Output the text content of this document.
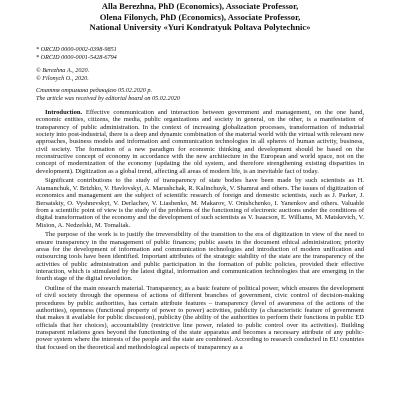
Alla Berezhna, PhD (Economics), Associate Professor,
Olena Filonych, PhD (Economics), Associate Professor,
National University «Yuri Kondratyuk Poltava Polytechnic»
* ORCID 0000-0002-0398-9851
* ORCID 0000-0001-5428-6794
© Berezhna A., 2020.
© Filonych O., 2020.
Стаття отримана редакцією 05.02.2020 р.
The article was received by editorial board on 05.02.2020

Introduction. Effective communication and interaction between government and management, on the one hand, economic entities, citizens, the media, public organizations and society in general, on the other, is a manifestation of transparency of public administration. In the context of increasing globalization processes, transformation of industrial society into post-industrial, there is a deep and dynamic combination of the material world with the virtual with relevant new approaches, business models and information and communication technologies in all spheres of human activity, business, civil society. The formation of a new paradigm for economic thinking and development should be based on the reconstructive concept of economy in accordance with the new architecture in the European and world space, not on the concept of modernization of the economy (updating the old system, and therefore strengthening existing disparities in development). Digitization as a global trend, affecting all areas of modern life, is an inevitable fact of today.

Significant contributions to the study of transparency of state bodies have been made by such scientists as H. Atamanchuk, V. Brizhko, V. Havlovskyi, A. Marushchak, R. Kalinchuyk, V. Shamrai and others. The issues of digitization of economics and management are the subject of scientific research of foreign and domestic scientists, such as J. Parker, J. Bersatskiy, O. Vyshnevskyi, V. Derlachev, V. Liashenko, M. Makarov, V. Onishchenko, I. Yanenkov and others. Valuable from a scientific point of view is the study of the problems of the functioning of electronic auctions under the conditions of digital transformation of the economy and the development of such scientists as V. Isaacson, E. Williams, M. Matskevich, V. Mision, A. Nedzelski, M. Tomaliak.

The purpose of the work is to justify the irreversibility of the transition to the era of digitization in view of the need to ensure transparency in the management of public finances; public assets in the document ethical administration; priority areas for the development of information and communication technologies and introduction of modern unification and outsourcing tools have been identified. Important attributes of the strategic stability of the state are the transparency of the activities of public administration and public participation in the formation of public policies, provided their effective interaction, which is stimulated by the latest digital, information and communication technologies that are emerging in the fourth stage of the digital revolution.

Outline of the main research material. Transparency, as a basic feature of political power, which ensures the development of civil society through the openness of actions of different branches of government, civic control of decision-making procedures by public authorities, has certain attribute features – transparency (level of awareness of the actions of the authorities), openness (functional property of power to power) activities, publicity (a characteristic feature of government that makes it available for public discussion), publicity (the ability of the authorities to perform their functions in public ED officials that her choices), accountability (restrictive line power, related to public control over its activities). Building transparent relations goes beyond the functioning of the state apparatus and becomes a necessary attribute of any public-power system where the interests of the people and the state are combined. According to research conducted in EU countries that focused on the theoretical and methodological aspects of transparency as a
